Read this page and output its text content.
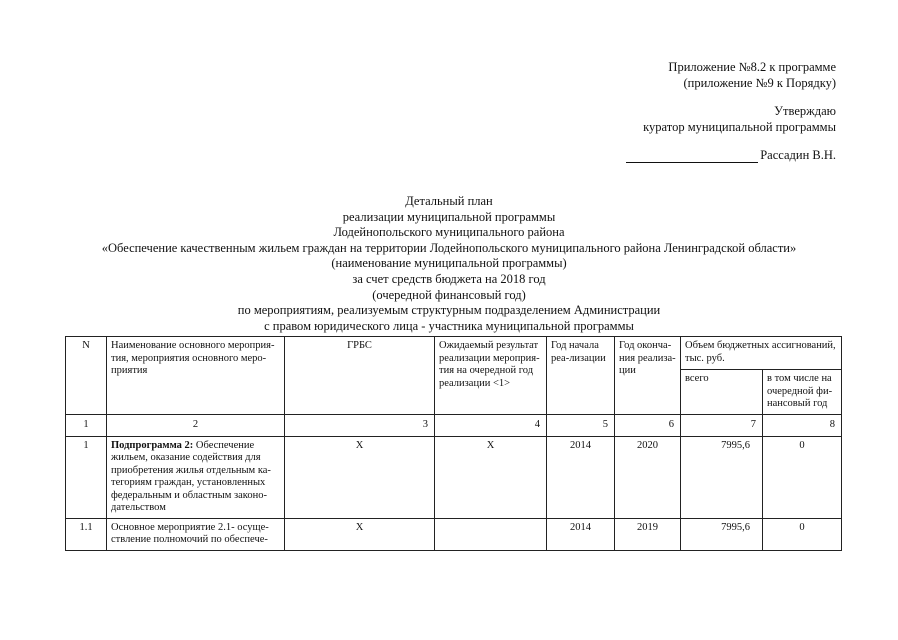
Приложение №8.2 к программе
(приложение №9 к Порядку)
Утверждаю
куратор муниципальной программы
Рассадин В.Н.
Детальный план
реализации муниципальной программы
Лодейнопольского муниципального района
«Обеспечение качественным жильем граждан на территории Лодейнопольского муниципального района Ленинградской области»
(наименование муниципальной программы)
за счет средств бюджета на 2018 год
(очередной финансовый год)
по мероприятиям, реализуемым структурным подразделением Администрации
с правом юридического лица - участника муниципальной программы
N	Наименование основного мероприя-тия, мероприятия основного меро-приятия	ГРБС	Ожидаемый результат реализации мероприя-тия на очередной год реализации <1>	Год начала реа-лизации	Год оконча-ния реализа-ции	Объем бюджетных ассигнований, тыс. руб.	
						всего	в том числе на очередной фи-нансовый год
1	2	3	4	5	6	7	8
1	Подпрограмма 2: Обеспечение жильем, оказание содействия для приобретения жилья отдельным ка-тегориям граждан, установленных федеральным и областным законо-дательством	Х	Х	2014	2020	7995,6	0
1.1	Основное мероприятие 2.1- осуще-ствление полномочий по обеспече-	Х		2014	2019	7995,6	0
